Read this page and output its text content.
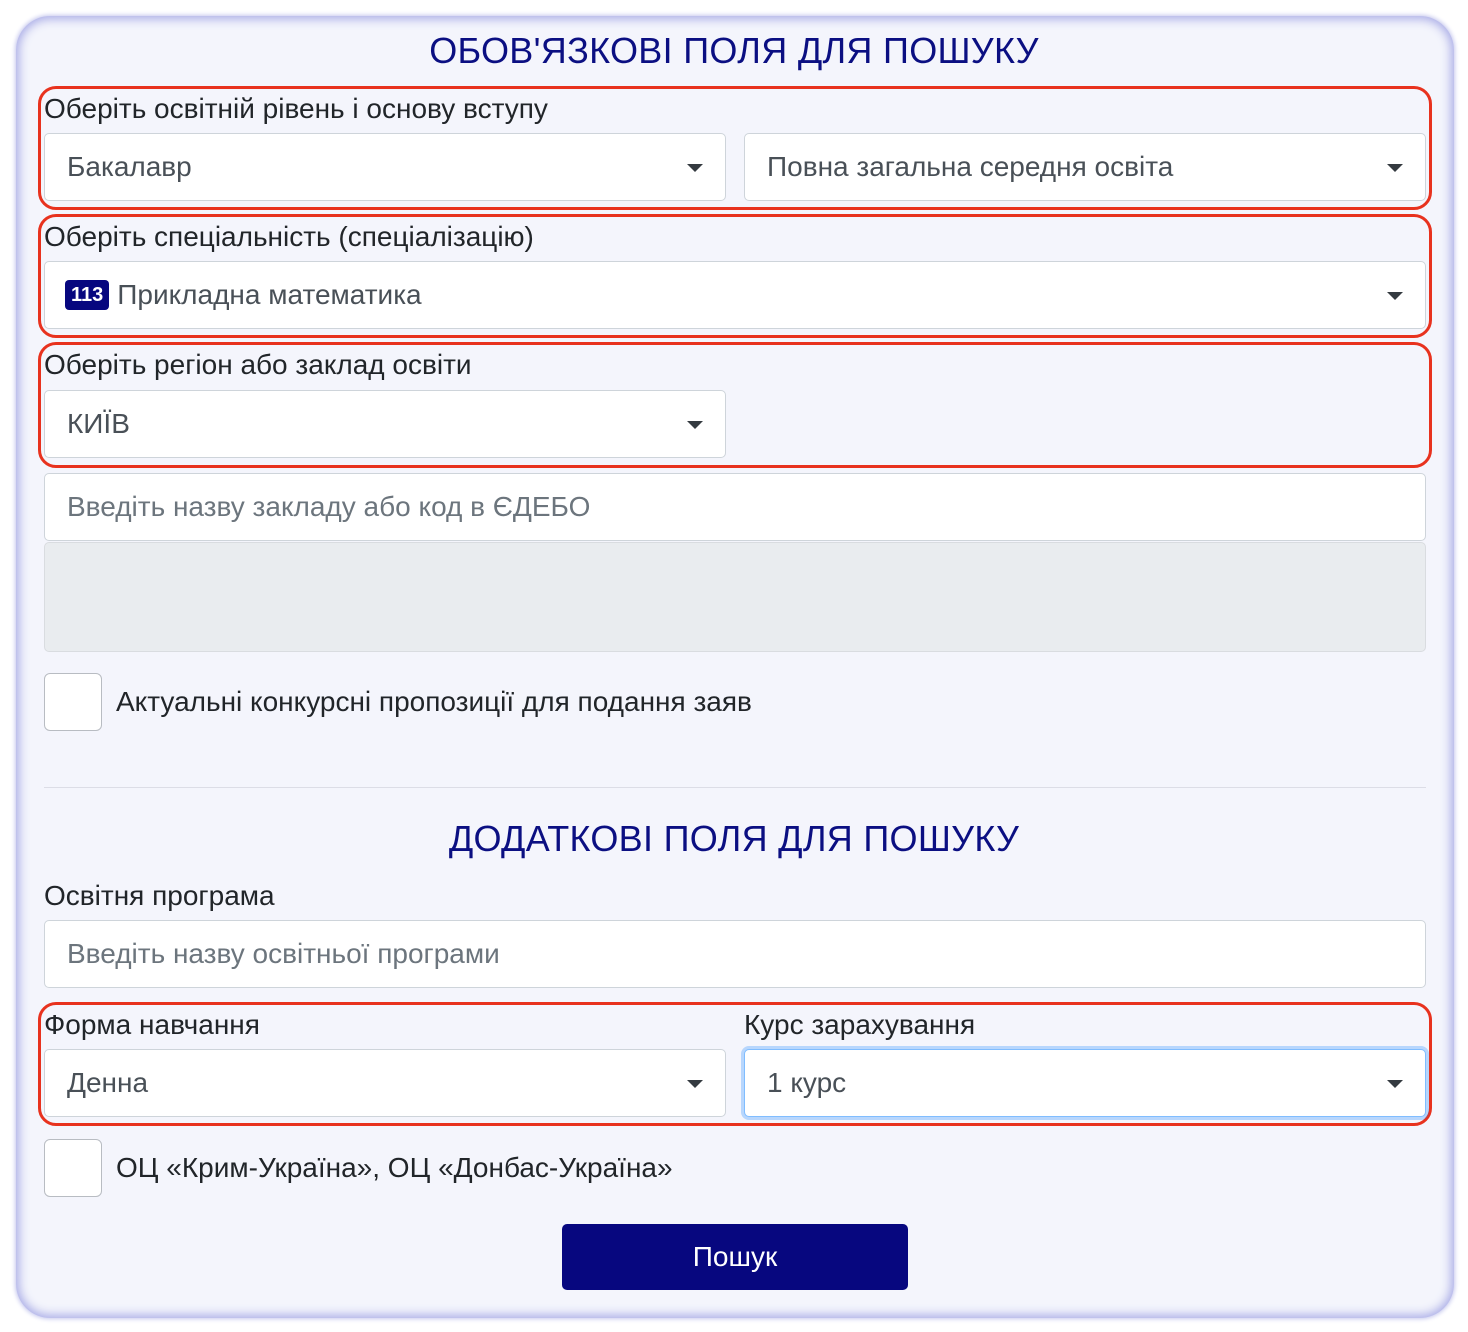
ОБОВ'ЯЗКОВІ ПОЛЯ ДЛЯ ПОШУКУ
Оберіть освітній рівень і основу вступу
Бакалавр	Повна загальна середня освіта
Оберіть спеціальність (спеціалізацію)
113 Прикладна математика
Оберіть регіон або заклад освіти
КИЇВ
Введіть назву закладу або код в ЄДЕБО
Актуальні конкурсні пропозиції для подання заяв
ДОДАТКОВІ ПОЛЯ ДЛЯ ПОШУКУ
Освітня програма
Введіть назву освітньої програми
Форма навчання
Денна
Курс зарахування
1 курс
ОЦ «Крим-Україна», ОЦ «Донбас-Україна»
Пошук
